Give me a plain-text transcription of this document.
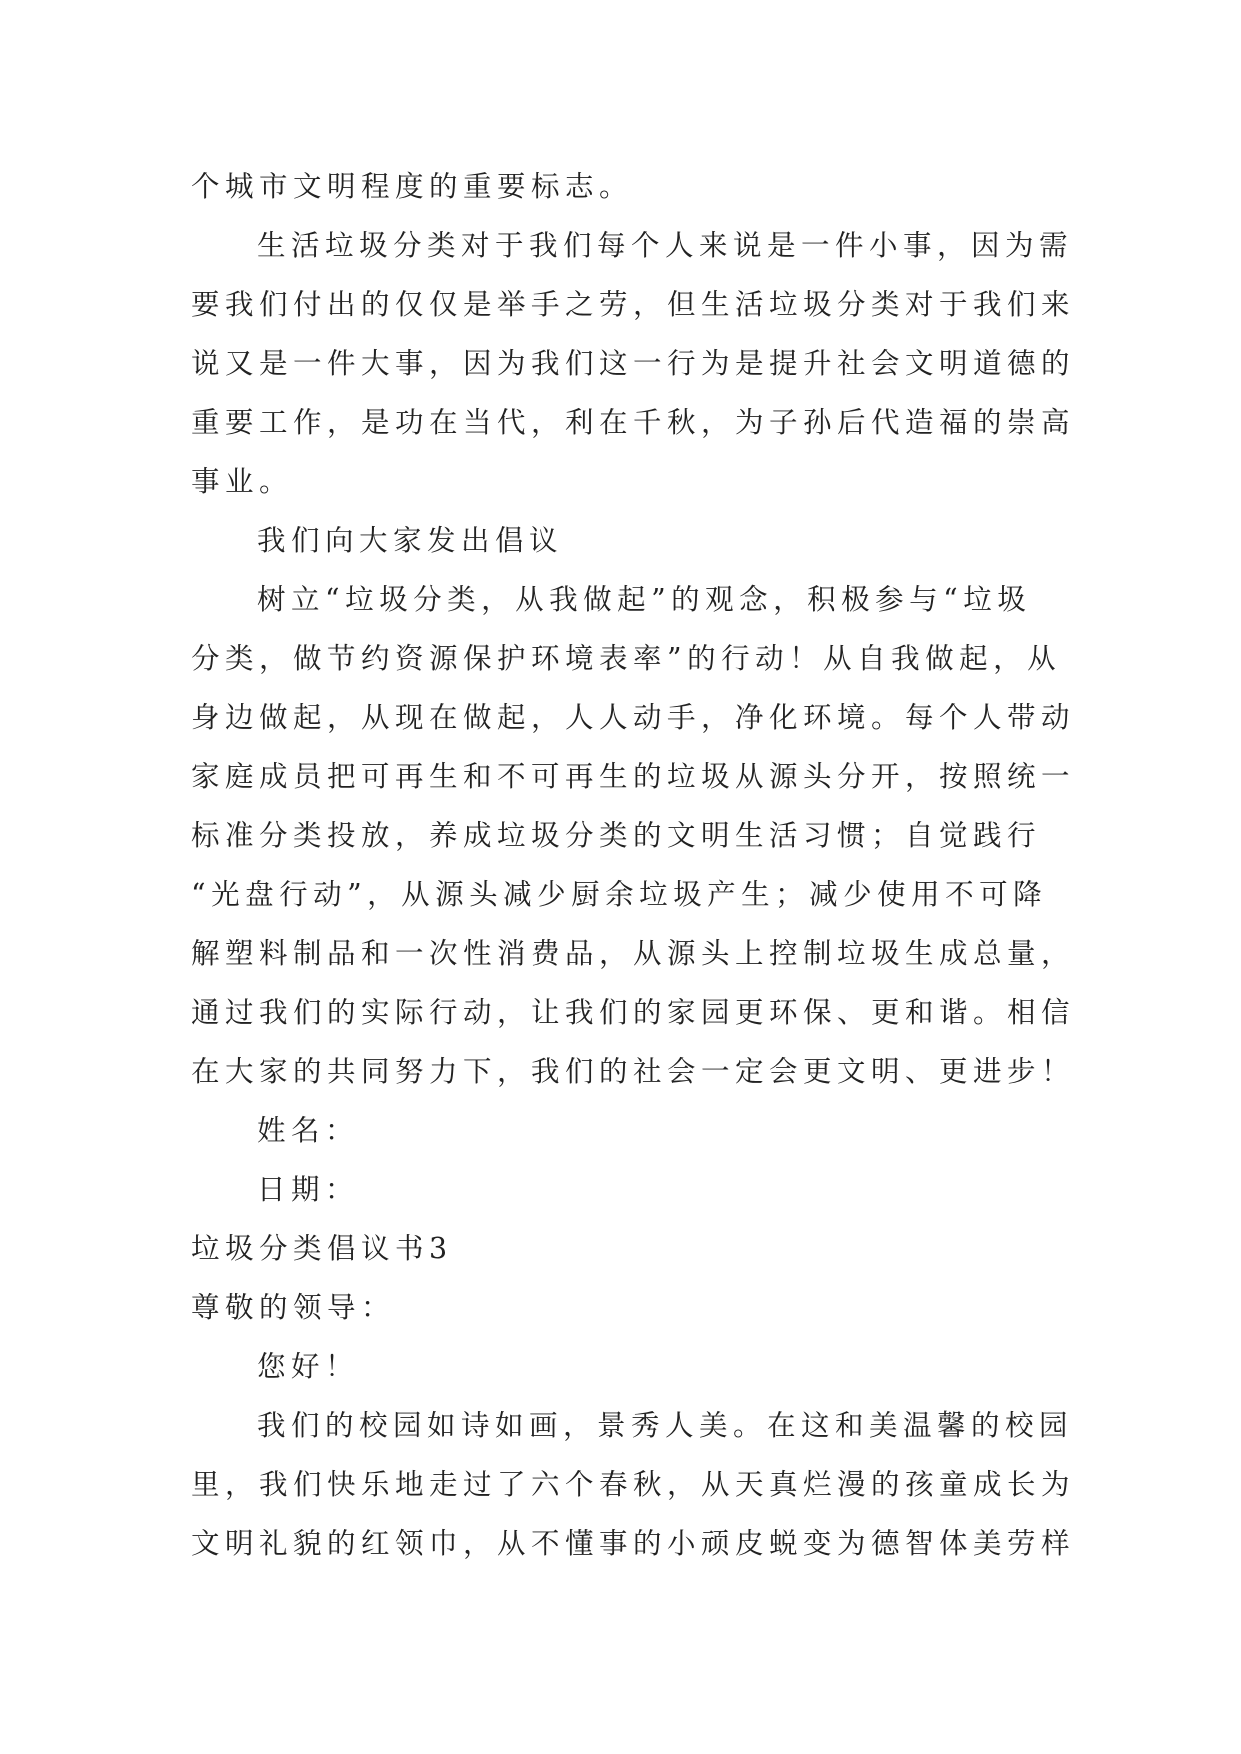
个城市文明程度的重要标志。
生活垃圾分类对于我们每个人来说是一件小事，因为需
要我们付出的仅仅是举手之劳，但生活垃圾分类对于我们来
说又是一件大事，因为我们这一行为是提升社会文明道德的
重要工作，是功在当代，利在千秋，为子孙后代造福的崇高
事业。
我们向大家发出倡议
树立“垃圾分类，从我做起”的观念，积极参与“垃圾
分类，做节约资源保护环境表率”的行动！从自我做起，从
身边做起，从现在做起，人人动手，净化环境。每个人带动
家庭成员把可再生和不可再生的垃圾从源头分开，按照统一
标准分类投放，养成垃圾分类的文明生活习惯；自觉践行
“光盘行动”，从源头减少厨余垃圾产生；减少使用不可降
解塑料制品和一次性消费品，从源头上控制垃圾生成总量，
通过我们的实际行动，让我们的家园更环保、更和谐。相信
在大家的共同努力下，我们的社会一定会更文明、更进步！
姓名：
日期：
垃圾分类倡议书3
尊敬的领导：
您好！
我们的校园如诗如画，景秀人美。在这和美温馨的校园
里，我们快乐地走过了六个春秋，从天真烂漫的孩童成长为
文明礼貌的红领巾，从不懂事的小顽皮蜕变为德智体美劳样
